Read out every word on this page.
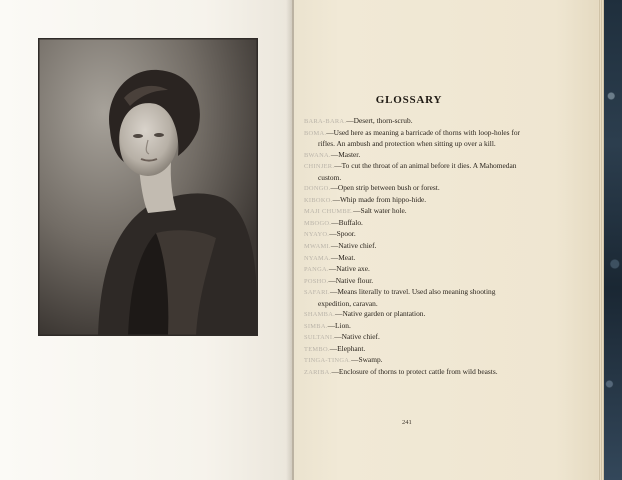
GLOSSARY

BARA-BARA.—Desert, thorn-scrub.

BOMA.—Used here as meaning a barricade of thorns with loop-holes for rifles. An ambush and protection when sitting up over a kill.

BWANA.—Master.

CHINJER.—To cut the throat of an animal before it dies. A Mahomedan custom.

DONGO.—Open strip between bush or forest.

KIBOKO.—Whip made from hippo-hide.

MAJI CHUMBE.—Salt water hole.

MBOGO.—Buffalo.

NYAYO.—Spoor.

MWAMI.—Native chief.

NYAMA.—Meat.

PANGA.—Native axe.

POSHO.—Native flour.

SAFARI.—Means literally to travel. Used also meaning shooting expedition, caravan.

SHAMBA.—Native garden or plantation.

SIMBA.—Lion.

SULTANI.—Native chief.

TEMBO.—Elephant.

TINGA-TINGA.—Swamp.

ZARIBA.—Enclosure of thorns to protect cattle from wild beasts.

241
